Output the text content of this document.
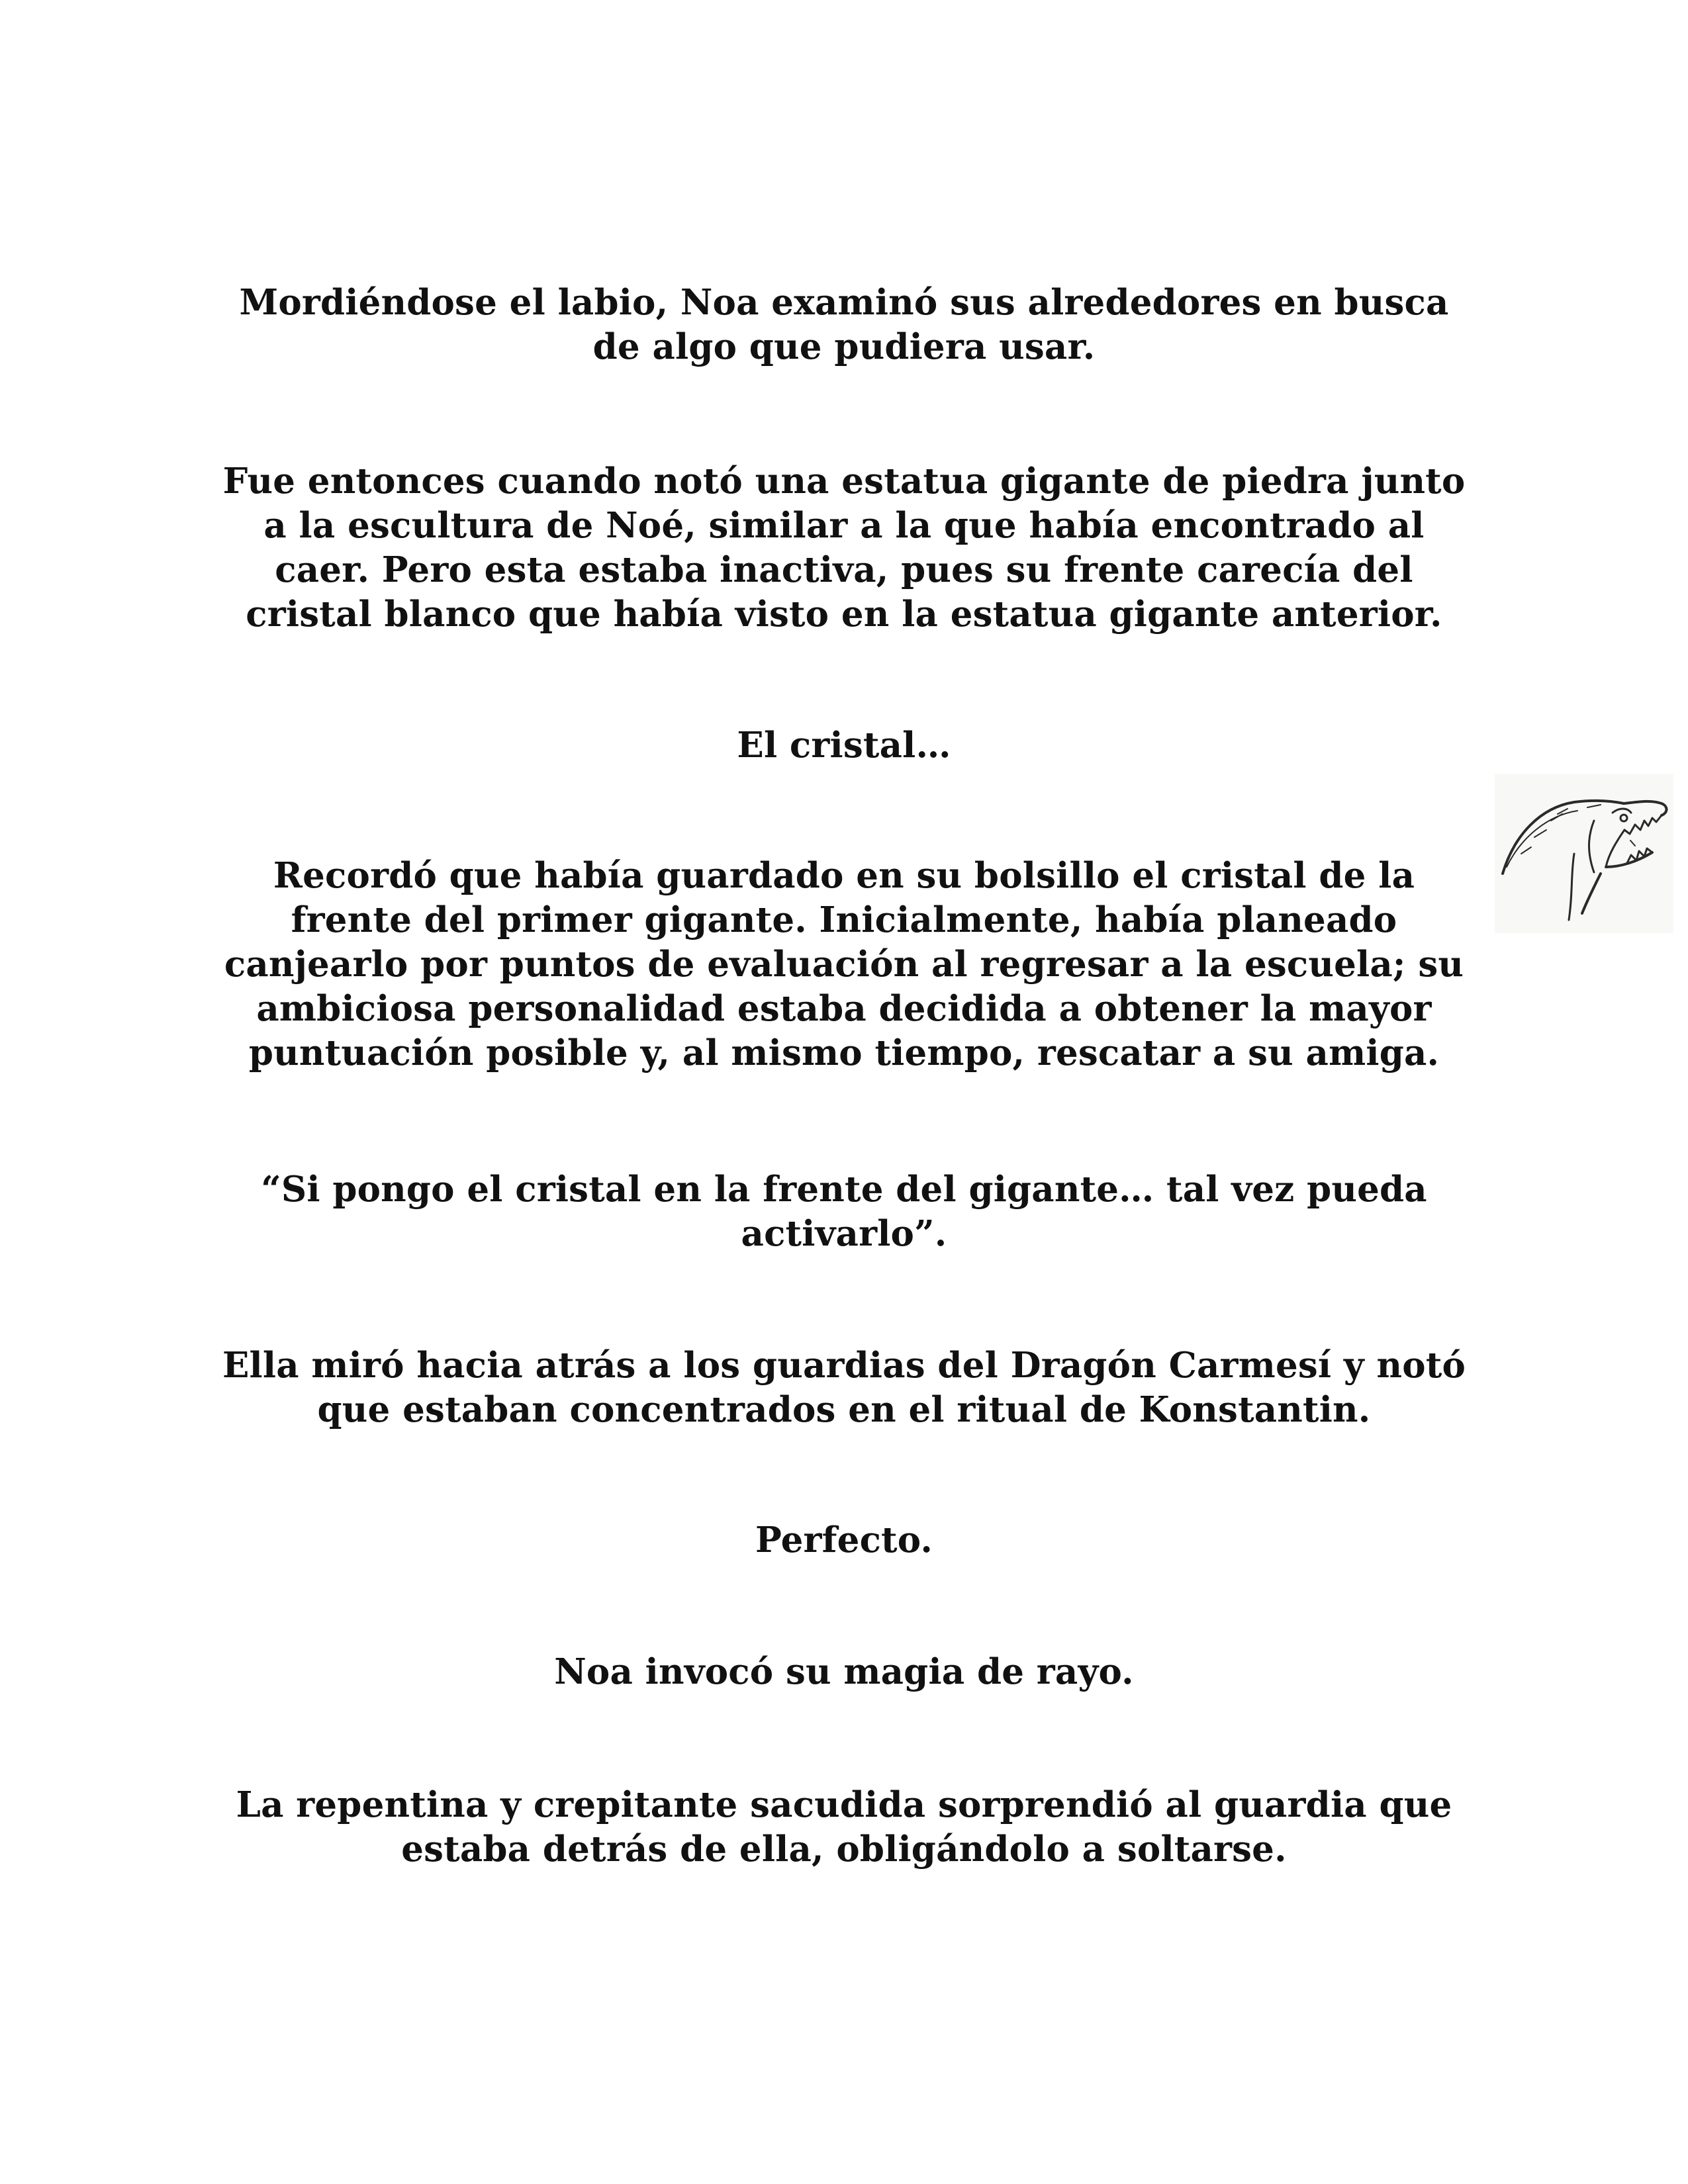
Mordiéndose el labio, Noa examinó sus alrededores en busca de algo que pudiera usar.

Fue entonces cuando notó una estatua gigante de piedra junto a la escultura de Noé, similar a la que había encontrado al caer. Pero esta estaba inactiva, pues su frente carecía del cristal blanco que había visto en la estatua gigante anterior.

El cristal…

Recordó que había guardado en su bolsillo el cristal de la frente del primer gigante. Inicialmente, había planeado canjearlo por puntos de evaluación al regresar a la escuela; su ambiciosa personalidad estaba decidida a obtener la mayor puntuación posible y, al mismo tiempo, rescatar a su amiga.

“Si pongo el cristal en la frente del gigante… tal vez pueda activarlo”.

Ella miró hacia atrás a los guardias del Dragón Carmesí y notó que estaban concentrados en el ritual de Konstantin.

Perfecto.

Noa invocó su magia de rayo.

La repentina y crepitante sacudida sorprendió al guardia que estaba detrás de ella, obligándolo a soltarse.
